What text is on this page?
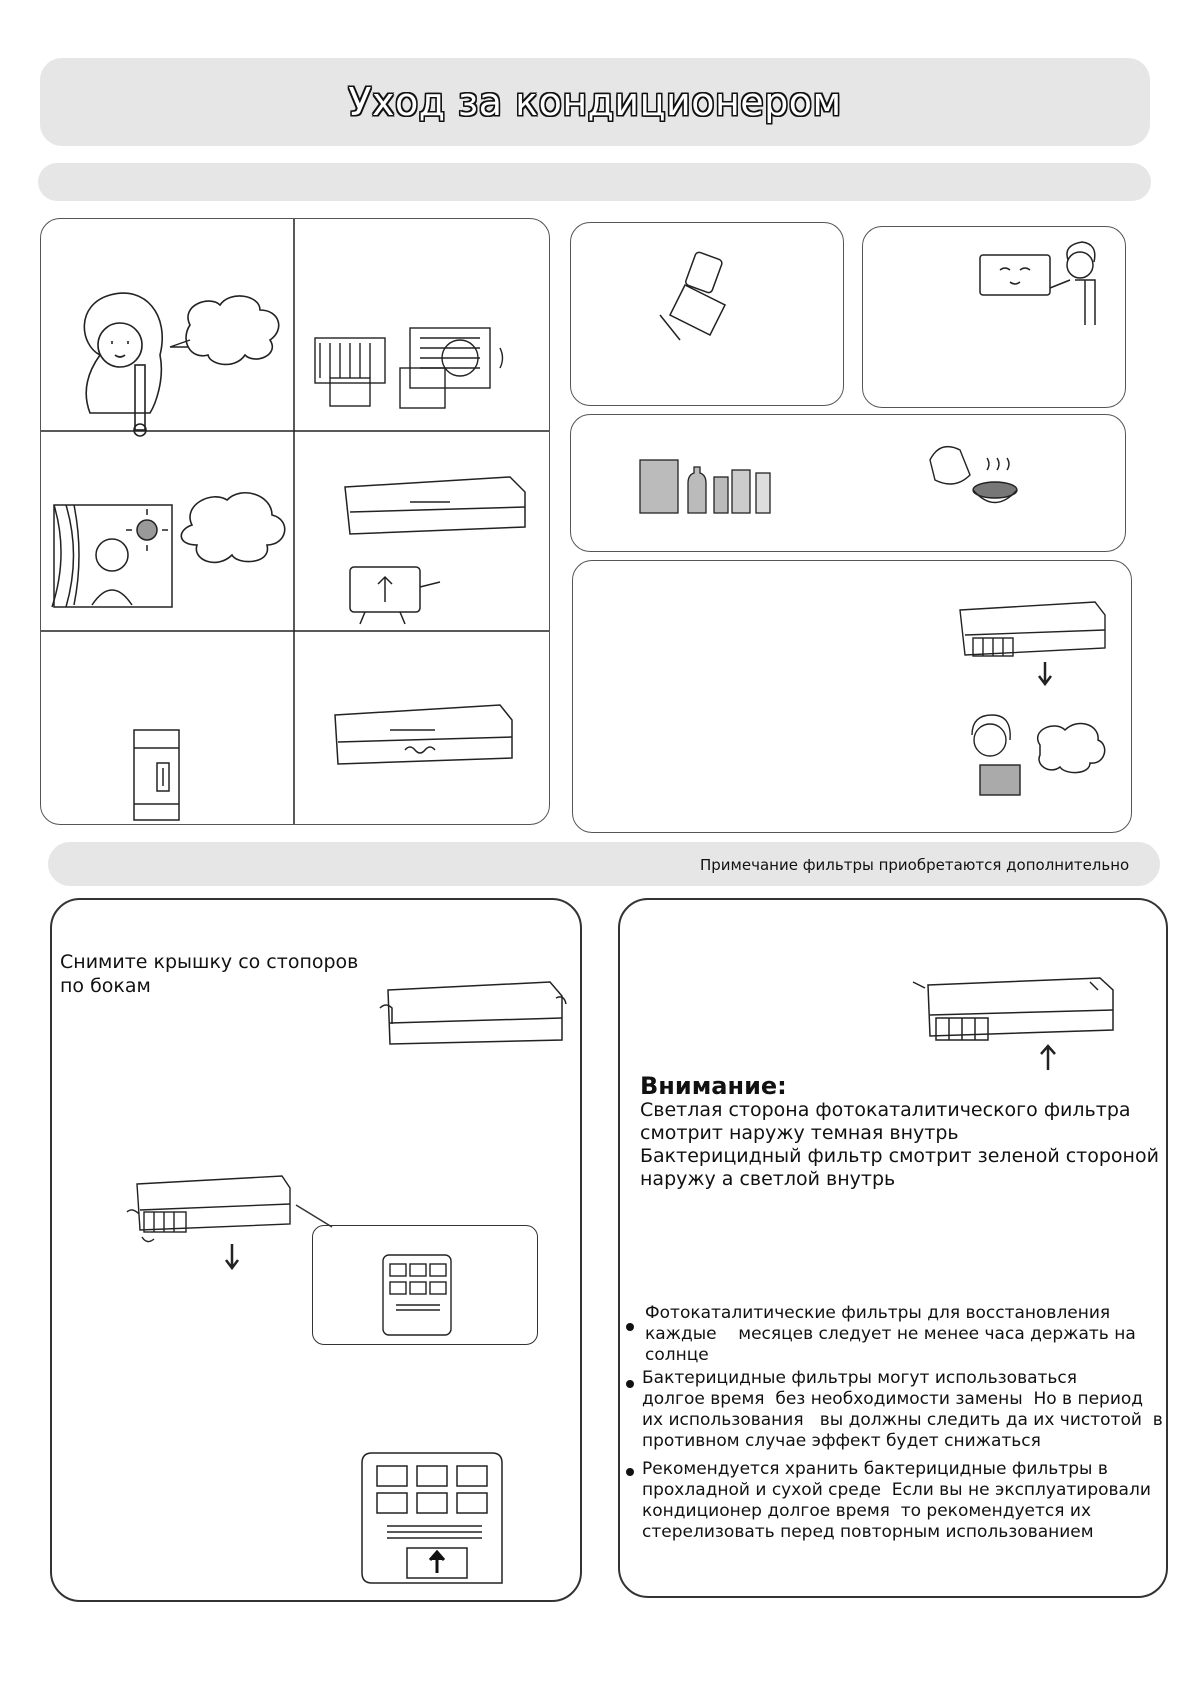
Уход за кондиционером
Примечание фильтры приобретаются дополнительно
Снимите крышку со стопоров
по бокам
Внимание:
Светлая сторона фотокаталитического фильтра
смотрит наружу темная внутрь
Бактерицидный фильтр смотрит зеленой стороной
наружу а светлой внутрь
Фотокаталитические фильтры для восстановления
каждые    месяцев следует не менее часа держать на
солнце
Бактерицидные фильтры могут использоваться
долгое время  без необходимости замены  Но в период
их использования   вы должны следить да их чистотой  в
противном случае эффект будет снижаться
Рекомендуется хранить бактерицидные фильтры в
прохладной и сухой среде  Если вы не эксплуатировали
кондиционер долгое время  то рекомендуется их
стерелизовать перед повторным использованием
